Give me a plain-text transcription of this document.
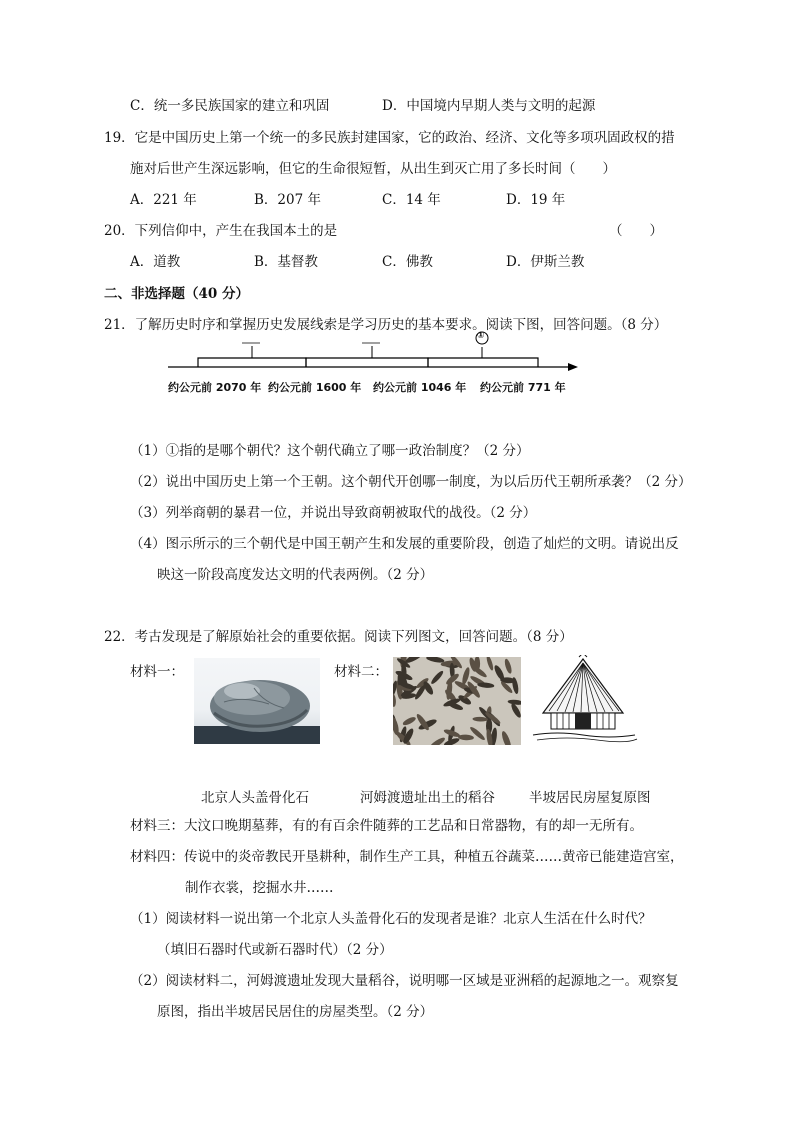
C．统一多民族国家的建立和巩固	D．中国境内早期人类与文明的起源
19．它是中国历史上第一个统一的多民族封建国家，它的政治、经济、文化等多项巩固政权的措
施对后世产生深远影响，但它的生命很短暂，从出生到灭亡用了多长时间（　　）
A．221 年	B．207 年	C．14 年	D．19 年
20．下列信仰中，产生在我国本土的是	（　　）
A．道教	B．基督教	C．佛教	D．伊斯兰教
二、非选择题（40 分）
21．了解历史时序和掌握历史发展线索是学习历史的基本要求。阅读下图，回答问题。（8 分）
①
约公元前 2070 年 约公元前 1600 年 约公元前 1046 年 约公元前 771 年
（1）①指的是哪个朝代？这个朝代确立了哪一政治制度？（2 分）
（2）说出中国历史上第一个王朝。这个朝代开创哪一制度，为以后历代王朝所承袭？（2 分）
（3）列举商朝的暴君一位，并说出导致商朝被取代的战役。（2 分）
（4）图示所示的三个朝代是中国王朝产生和发展的重要阶段，创造了灿烂的文明。请说出反
映这一阶段高度发达文明的代表两例。（2 分）
22．考古发现是了解原始社会的重要依据。阅读下列图文，回答问题。（8 分）
材料一：	材料二：
北京人头盖骨化石	河姆渡遗址出土的稻谷	半坡居民房屋复原图
材料三：大汶口晚期墓葬，有的有百余件随葬的工艺品和日常器物，有的却一无所有。
材料四：传说中的炎帝教民开垦耕种，制作生产工具，种植五谷蔬菜……黄帝已能建造宫室，
制作衣裳，挖掘水井……
（1）阅读材料一说出第一个北京人头盖骨化石的发现者是谁？北京人生活在什么时代？
（填旧石器时代或新石器时代）（2 分）
（2）阅读材料二，河姆渡遗址发现大量稻谷，说明哪一区域是亚洲稻的起源地之一。观察复
原图，指出半坡居民居住的房屋类型。（2 分）
